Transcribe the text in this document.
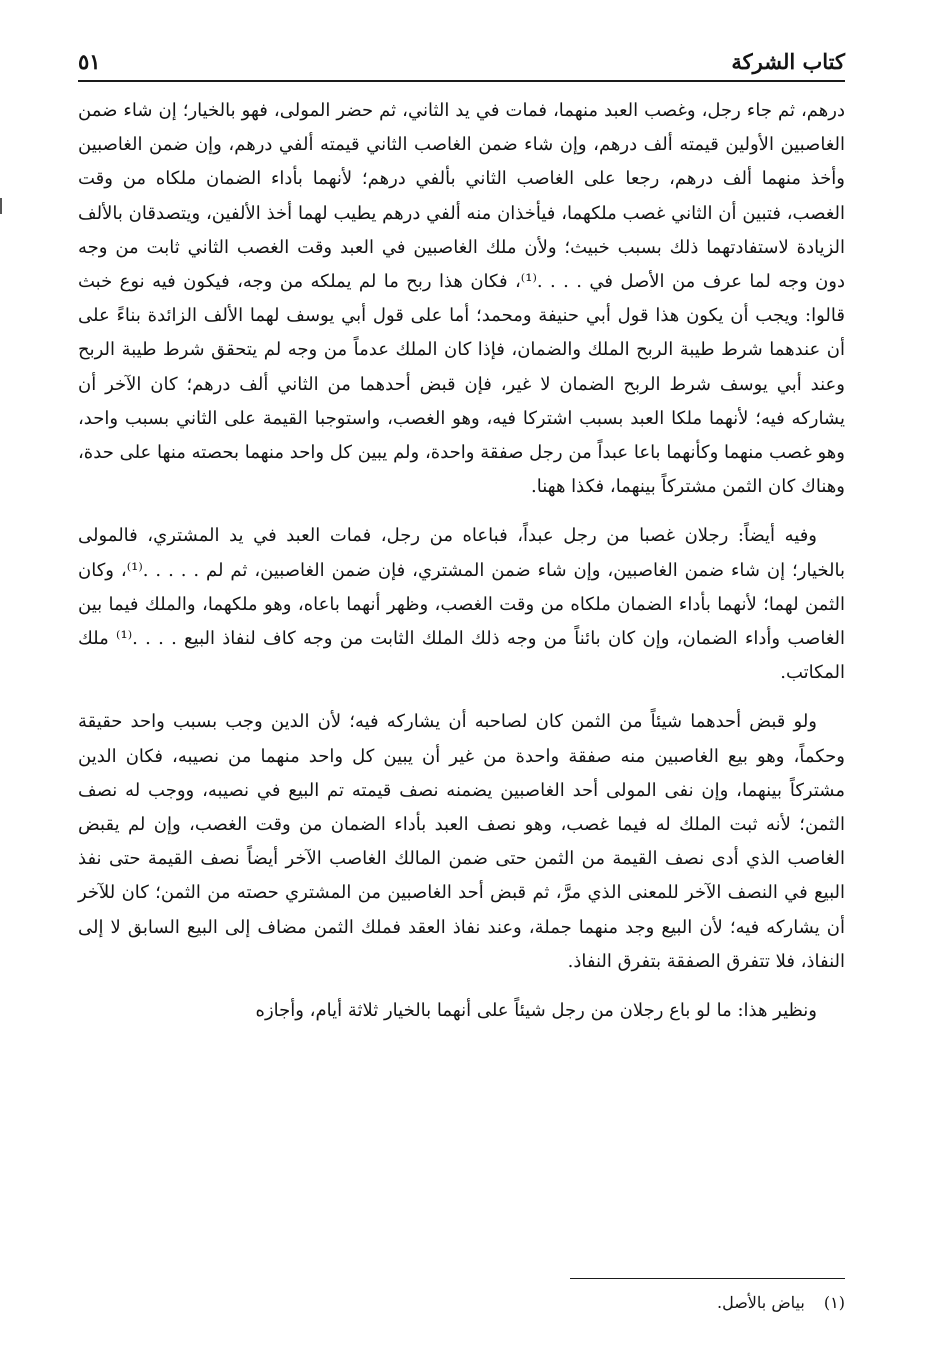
كتاب الشركة
٥١

درهم، ثم جاء رجل، وغصب العبد منهما، فمات في يد الثاني، ثم حضر المولى، فهو بالخيار؛ إن شاء ضمن الغاصبين الأولين قيمته ألف درهم، وإن شاء ضمن الغاصب الثاني قيمته ألفي درهم، وإن ضمن الغاصبين وأخذ منهما ألف درهم، رجعا على الغاصب الثاني بألفي درهم؛ لأنهما بأداء الضمان ملكاه من وقت الغصب، فتبين أن الثاني غصب ملكهما، فيأخذان منه ألفي درهم يطيب لهما أخذ الألفين، ويتصدقان بالألف الزيادة لاستفادتهما ذلك بسبب خبيث؛ ولأن ملك الغاصبين في العبد وقت الغصب الثاني ثابت من وجه دون وجه لما عرف من الأصل في . . . .⁽¹⁾، فكان هذا ربح ما لم يملكه من وجه، فيكون فيه نوع خبث قالوا: ويجب أن يكون هذا قول أبي حنيفة ومحمد؛ أما على قول أبي يوسف لهما الألف الزائدة بناءً على أن عندهما شرط طيبة الربح الملك والضمان، فإذا كان الملك عدماً من وجه لم يتحقق شرط طيبة الربح وعند أبي يوسف شرط الربح الضمان لا غير، فإن قبض أحدهما من الثاني ألف درهم؛ كان الآخر أن يشاركه فيه؛ لأنهما ملكا العبد بسبب اشتركا فيه، وهو الغصب، واستوجبا القيمة على الثاني بسبب واحد، وهو غصب منهما وكأنهما باعا عبداً من رجل صفقة واحدة، ولم يبين كل واحد منهما بحصته منها على حدة، وهناك كان الثمن مشتركاً بينهما، فكذا ههنا.

وفيه أيضاً: رجلان غصبا من رجل عبداً، فباعاه من رجل، فمات العبد في يد المشتري، فالمولى بالخيار؛ إن شاء ضمن الغاصبين، وإن شاء ضمن المشتري، فإن ضمن الغاصبين، ثم لم . . . . .⁽¹⁾، وكان الثمن لهما؛ لأنهما بأداء الضمان ملكاه من وقت الغصب، وظهر أنهما باعاه، وهو ملكهما، والملك فيما بين الغاصب وأداء الضمان، وإن كان بائناً من وجه ذلك الملك الثابت من وجه كاف لنفاذ البيع . . . .⁽¹⁾ ملك المكاتب.

ولو قبض أحدهما شيئاً من الثمن كان لصاحبه أن يشاركه فيه؛ لأن الدين وجب بسبب واحد حقيقة وحكماً، وهو بيع الغاصبين منه صفقة واحدة من غير أن يبين كل واحد منهما من نصيبه، فكان الدين مشتركاً بينهما، وإن نفى المولى أحد الغاصبين يضمنه نصف قيمته تم البيع في نصيبه، ووجب له نصف الثمن؛ لأنه ثبت الملك له فيما غصب، وهو نصف العبد بأداء الضمان من وقت الغصب، وإن لم يقبض الغاصب الذي أدى نصف القيمة من الثمن حتى ضمن المالك الغاصب الآخر أيضاً نصف القيمة حتى نفذ البيع في النصف الآخر للمعنى الذي مرَّ، ثم قبض أحد الغاصبين من المشتري حصته من الثمن؛ كان للآخر أن يشاركه فيه؛ لأن البيع وجد منهما جملة، وعند نفاذ العقد فملك الثمن مضاف إلى البيع السابق لا إلى النفاذ، فلا تتفرق الصفقة بتفرق النفاذ.

ونظير هذا: ما لو باع رجلان من رجل شيئاً على أنهما بالخيار ثلاثة أيام، وأجازه

(١) بياض بالأصل.
